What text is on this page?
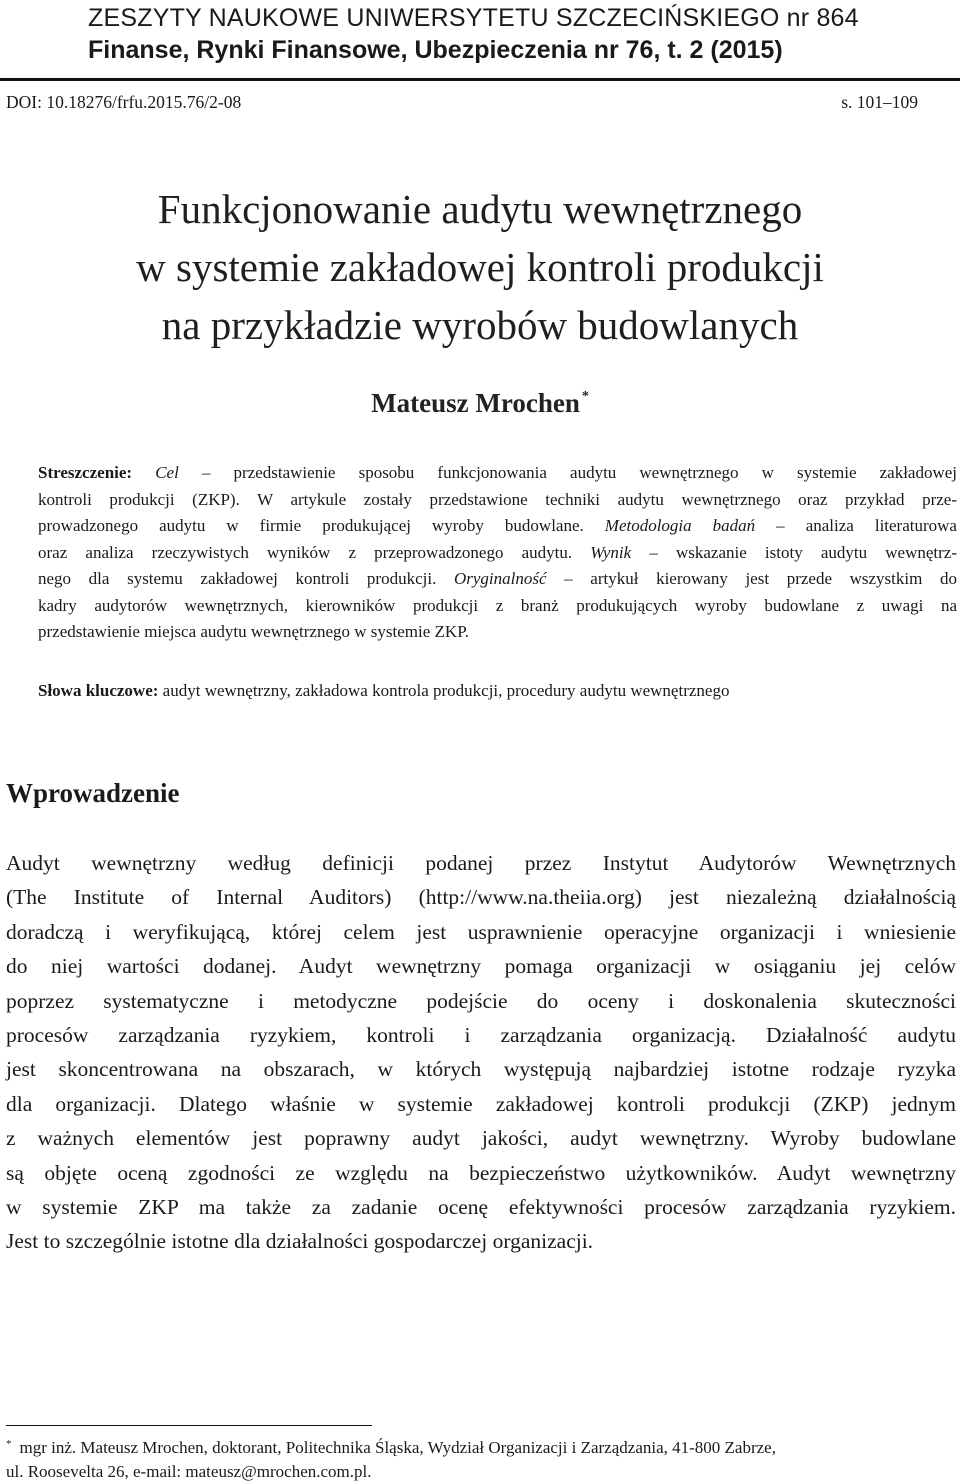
ZESZYTY NAUKOWE UNIWERSYTETU SZCZECIŃSKIEGO nr 864
Finanse, Rynki Finansowe, Ubezpieczenia nr 76, t. 2 (2015)
DOI: 10.18276/frfu.2015.76/2-08	s. 101–109
Funkcjonowanie audytu wewnętrznego
w systemie zakładowej kontroli produkcji
na przykładzie wyrobów budowlanych
Mateusz Mrochen *
Streszczenie: Cel – przedstawienie sposobu funkcjonowania audytu wewnętrznego w systemie zakładowej
kontroli produkcji (ZKP). W artykule zostały przedstawione techniki audytu wewnętrznego oraz przykład prze-
prowadzonego audytu w firmie produkującej wyroby budowlane. Metodologia badań – analiza literaturowa
oraz analiza rzeczywistych wyników z przeprowadzonego audytu. Wynik – wskazanie istoty audytu wewnętrz-
nego dla systemu zakładowej kontroli produkcji. Oryginalność – artykuł kierowany jest przede wszystkim do
kadry audytorów wewnętrznych, kierowników produkcji z branż produkujących wyroby budowlane z uwagi na
przedstawienie miejsca audytu wewnętrznego w systemie ZKP.
Słowa kluczowe: audyt wewnętrzny, zakładowa kontrola produkcji, procedury audytu wewnętrznego
Wprowadzenie
Audyt wewnętrzny według definicji podanej przez Instytut Audytorów Wewnętrznych
(The Institute of Internal Auditors) (http://www.na.theiia.org) jest niezależną działalnością
doradczą i weryfikującą, której celem jest usprawnienie operacyjne organizacji i wniesienie
do niej wartości dodanej. Audyt wewnętrzny pomaga organizacji w osiąganiu jej celów
poprzez systematyczne i metodyczne podejście do oceny i doskonalenia skuteczności
procesów zarządzania ryzykiem, kontroli i zarządzania organizacją. Działalność audytu
jest skoncentrowana na obszarach, w których występują najbardziej istotne rodzaje ryzyka
dla organizacji. Dlatego właśnie w systemie zakładowej kontroli produkcji (ZKP) jednym
z ważnych elementów jest poprawny audyt jakości, audyt wewnętrzny. Wyroby budowlane
są objęte oceną zgodności ze względu na bezpieczeństwo użytkowników. Audyt wewnętrzny
w systemie ZKP ma także za zadanie ocenę efektywności procesów zarządzania ryzykiem.
Jest to szczególnie istotne dla działalności gospodarczej organizacji.
* mgr inż. Mateusz Mrochen, doktorant, Politechnika Śląska, Wydział Organizacji i Zarządzania, 41-800 Zabrze,
ul. Roosevelta 26, e-mail: mateusz@mrochen.com.pl.
